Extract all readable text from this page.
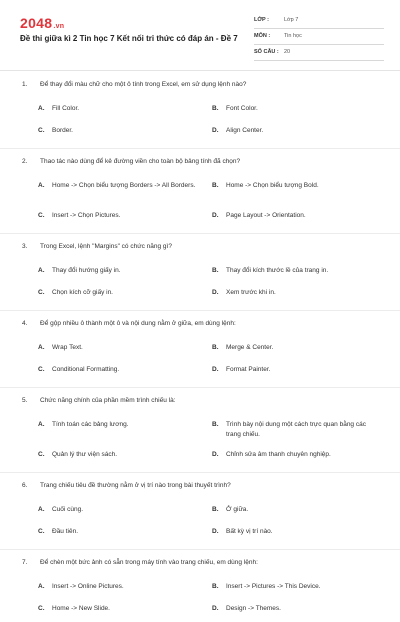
2048.vn
Đề thi giữa kì 2 Tin học 7 Kết nối tri thức có đáp án - Đề 7
LỚP :	Lớp 7
MÔN :	Tin học
SỐ CÂU : 20
1. Để thay đổi màu chữ cho một ô tính trong Excel, em sử dụng lệnh nào?
A. Fill Color.	B. Font Color.
C. Border.	D. Align Center.
2. Thao tác nào dùng để kẻ đường viền cho toàn bộ bảng tính đã chọn?
A. Home -> Chọn biểu tượng Borders -> All Borders.	B. Home -> Chọn biểu tượng Bold.
C. Insert -> Chọn Pictures.	D. Page Layout -> Orientation.
3. Trong Excel, lệnh "Margins" có chức năng gì?
A. Thay đổi hướng giấy in.	B. Thay đổi kích thước lề của trang in.
C. Chọn kích cỡ giấy in.	D. Xem trước khi in.
4. Để gộp nhiều ô thành một ô và nội dung nằm ở giữa, em dùng lệnh:
A. Wrap Text.	B. Merge & Center.
C. Conditional Formatting.	D. Format Painter.
5. Chức năng chính của phần mềm trình chiếu là:
A. Tính toán các bảng lương.	B. Trình bày nội dung một cách trực quan bằng các trang chiếu.
C. Quản lý thư viện sách.	D. Chỉnh sửa âm thanh chuyên nghiệp.
6. Trang chiếu tiêu đề thường nằm ở vị trí nào trong bài thuyết trình?
A. Cuối cùng.	B. Ở giữa.
C. Đầu tiên.	D. Bất kỳ vị trí nào.
7. Để chèn một bức ảnh có sẵn trong máy tính vào trang chiếu, em dùng lệnh:
A. Insert -> Online Pictures.	B. Insert -> Pictures -> This Device.
C. Home -> New Slide.	D. Design -> Themes.
